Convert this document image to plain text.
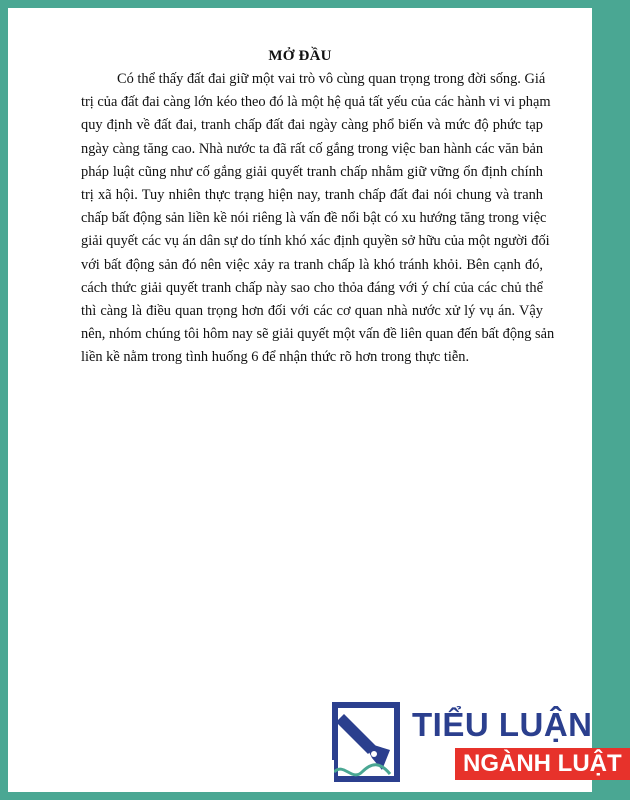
MỞ ĐẦU
Có thể thấy đất đai giữ một vai trò vô cùng quan trọng trong đời sống. Giá
trị của đất đai càng lớn kéo theo đó là một hệ quả tất yếu của các hành vi vi phạm
quy định về đất đai, tranh chấp đất đai ngày càng phổ biến và mức độ phức tạp
ngày càng tăng cao. Nhà nước ta đã rất cố gắng trong việc ban hành các văn bản
pháp luật cũng như cố gắng giải quyết tranh chấp nhằm giữ vững ổn định chính
trị xã hội. Tuy nhiên thực trạng hiện nay, tranh chấp đất đai nói chung và tranh
chấp bất động sản liền kề nói riêng là vấn đề nổi bật có xu hướng tăng trong việc
giải quyết các vụ án dân sự do tính khó xác định quyền sở hữu của một người đối
với bất động sản đó nên việc xảy ra tranh chấp là khó tránh khỏi. Bên cạnh đó,
cách thức giải quyết tranh chấp này sao cho thỏa đáng với ý chí của các chủ thể
thì càng là điều quan trọng hơn đối với các cơ quan nhà nước xử lý vụ án. Vậy
nên, nhóm chúng tôi hôm nay sẽ giải quyết một vấn đề liên quan đến bất động sản
liền kề nằm trong tình huống 6 để nhận thức rõ hơn trong thực tiễn.
TIỂU LUẬN
NGÀNH LUẬT
